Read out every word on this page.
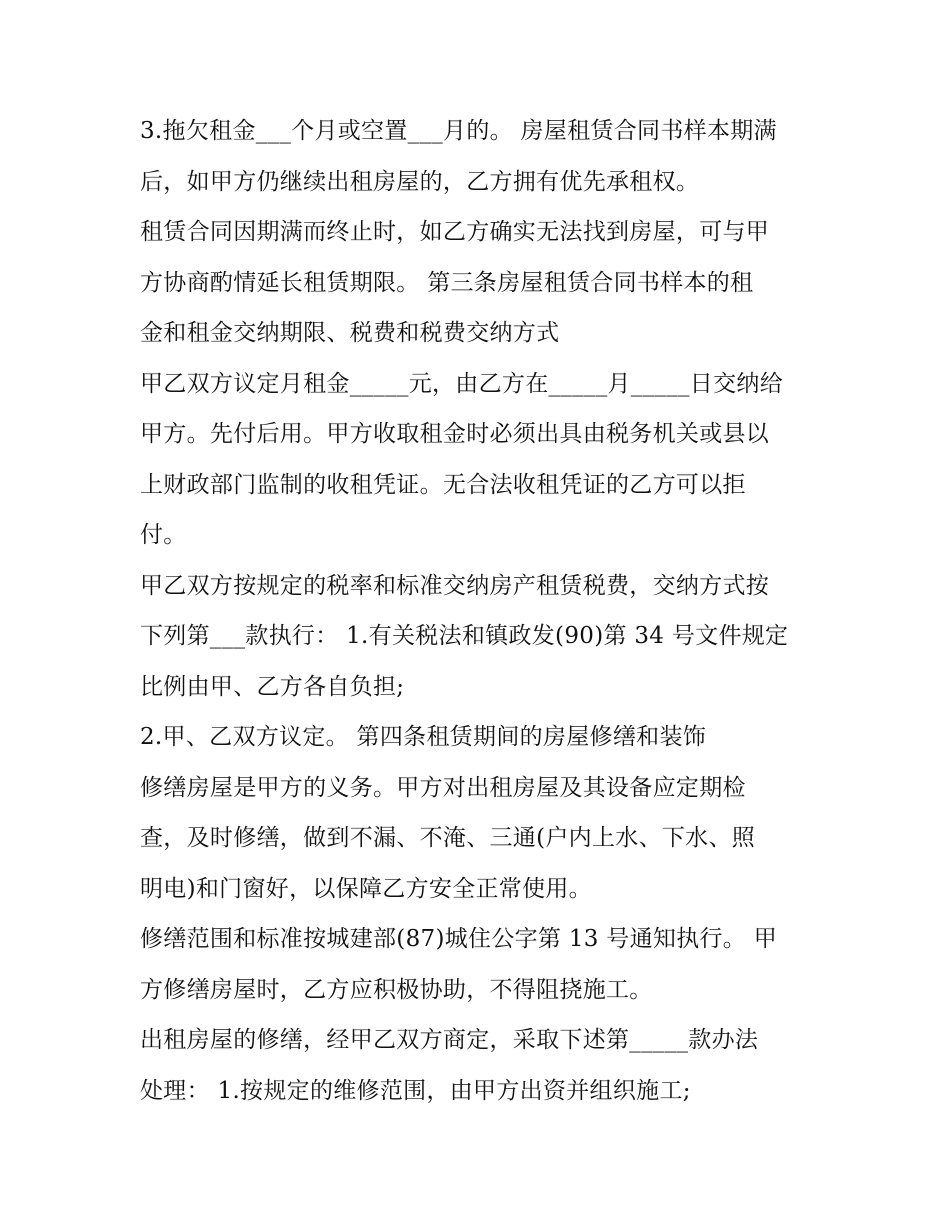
3.拖欠租金___个月或空置___月的。 房屋租赁合同书样本期满
后，如甲方仍继续出租房屋的，乙方拥有优先承租权。
租赁合同因期满而终止时，如乙方确实无法找到房屋，可与甲
方协商酌情延长租赁期限。 第三条房屋租赁合同书样本的租
金和租金交纳期限、税费和税费交纳方式
甲乙双方议定月租金_____元，由乙方在_____月_____日交纳给
甲方。先付后用。甲方收取租金时必须出具由税务机关或县以
上财政部门监制的收租凭证。无合法收租凭证的乙方可以拒
付。
甲乙双方按规定的税率和标准交纳房产租赁税费，交纳方式按
下列第___款执行： 1.有关税法和镇政发(90)第 34 号文件规定
比例由甲、乙方各自负担;
2.甲、乙双方议定。 第四条租赁期间的房屋修缮和装饰
修缮房屋是甲方的义务。甲方对出租房屋及其设备应定期检
查，及时修缮，做到不漏、不淹、三通(户内上水、下水、照
明电)和门窗好，以保障乙方安全正常使用。
修缮范围和标准按城建部(87)城住公字第 13 号通知执行。 甲
方修缮房屋时，乙方应积极协助，不得阻挠施工。
出租房屋的修缮，经甲乙双方商定，采取下述第_____款办法
处理： 1.按规定的维修范围，由甲方出资并组织施工;
